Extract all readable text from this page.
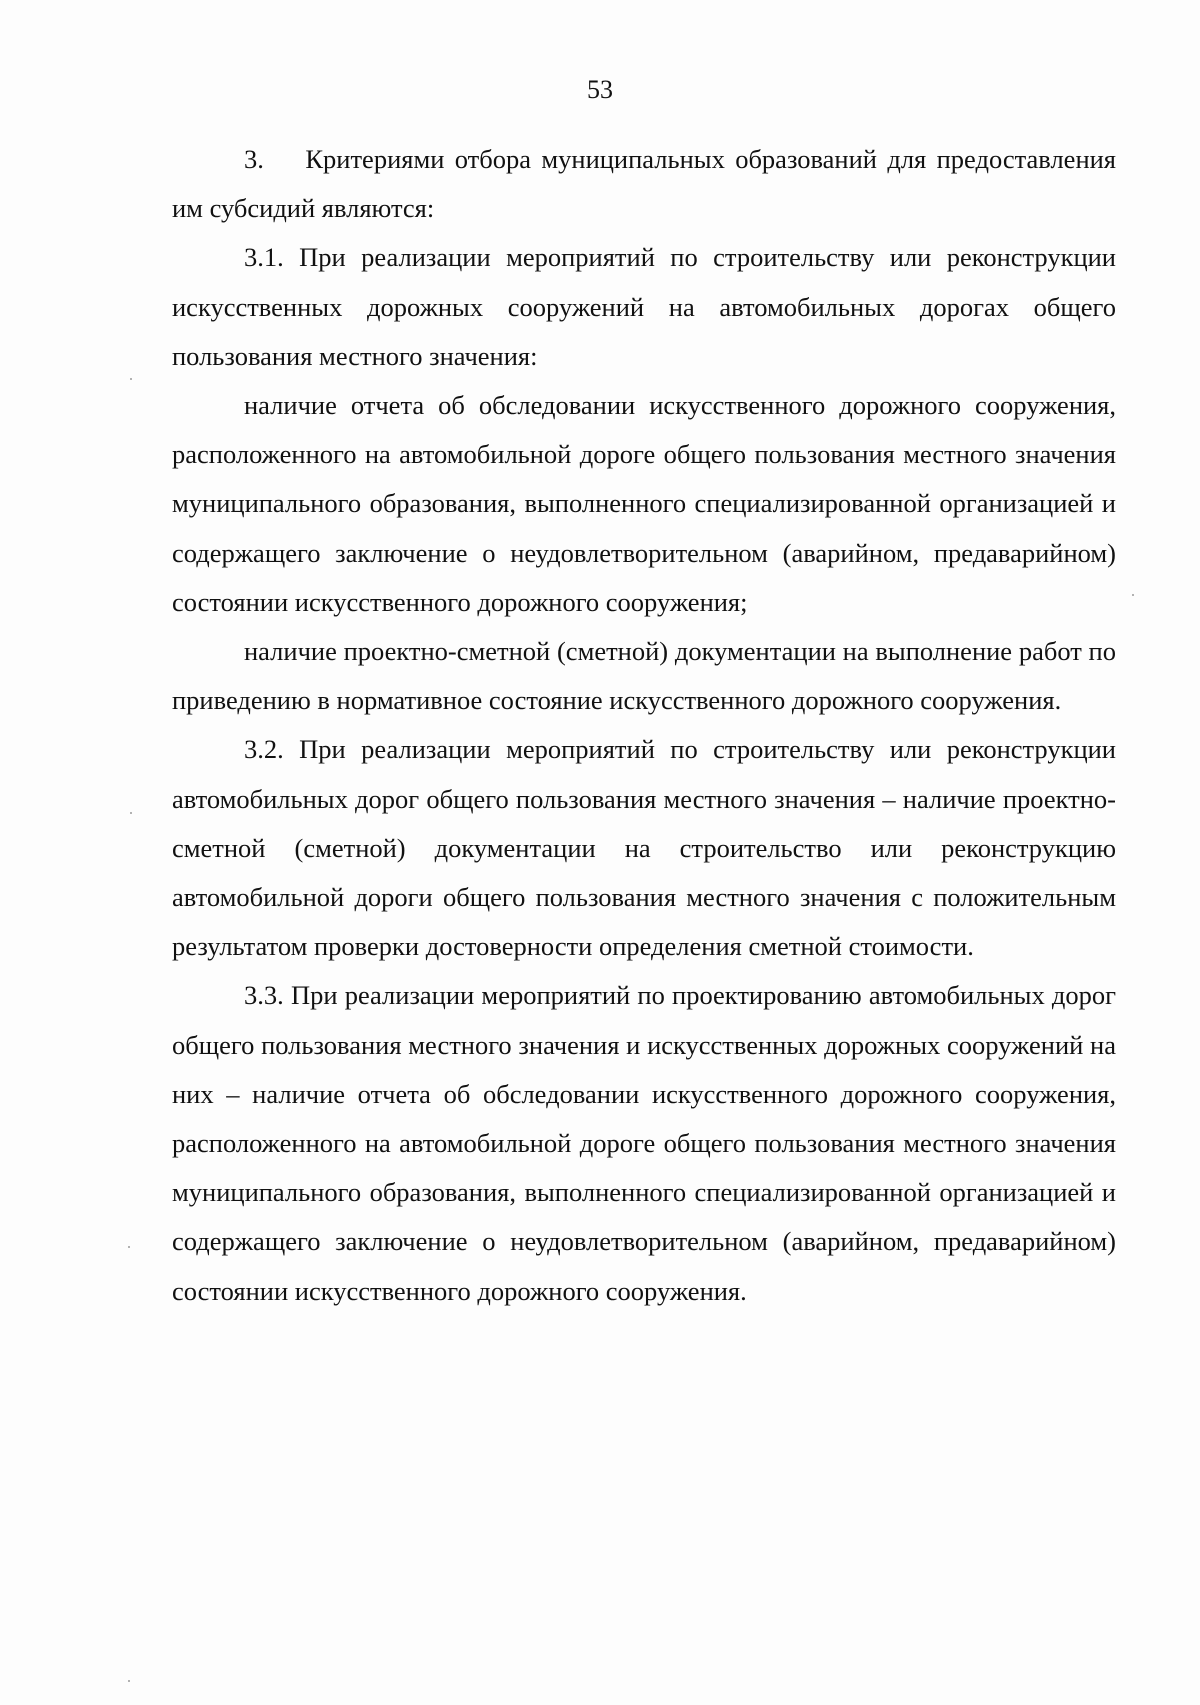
53

3.    Критериями отбора муниципальных образований для предоставления им субсидий являются:

3.1. При реализации мероприятий по строительству или реконструкции искусственных дорожных сооружений на автомобильных дорогах общего пользования местного значения:

наличие отчета об обследовании искусственного дорожного сооружения, расположенного на автомобильной дороге общего пользования местного значения муниципального образования, выполненного специализированной организацией и содержащего заключение о неудовлетворительном (аварийном, предаварийном) состоянии искусственного дорожного сооружения;

наличие проектно-сметной (сметной) документации на выполнение работ по приведению в нормативное состояние искусственного дорожного сооружения.

3.2. При реализации мероприятий по строительству или реконструкции автомобильных дорог общего пользования местного значения – наличие проектно-сметной (сметной) документации на строительство или реконструкцию автомобильной дороги общего пользования местного значения с положительным результатом проверки достоверности определения сметной стоимости.

3.3. При реализации мероприятий по проектированию автомобильных дорог общего пользования местного значения и искусственных дорожных сооружений на них – наличие отчета об обследовании искусственного дорожного сооружения, расположенного на автомобильной дороге общего пользования местного значения муниципального образования, выполненного специализированной организацией и содержащего заключение о неудовлетворительном (аварийном, предаварийном) состоянии искусственного дорожного сооружения.
